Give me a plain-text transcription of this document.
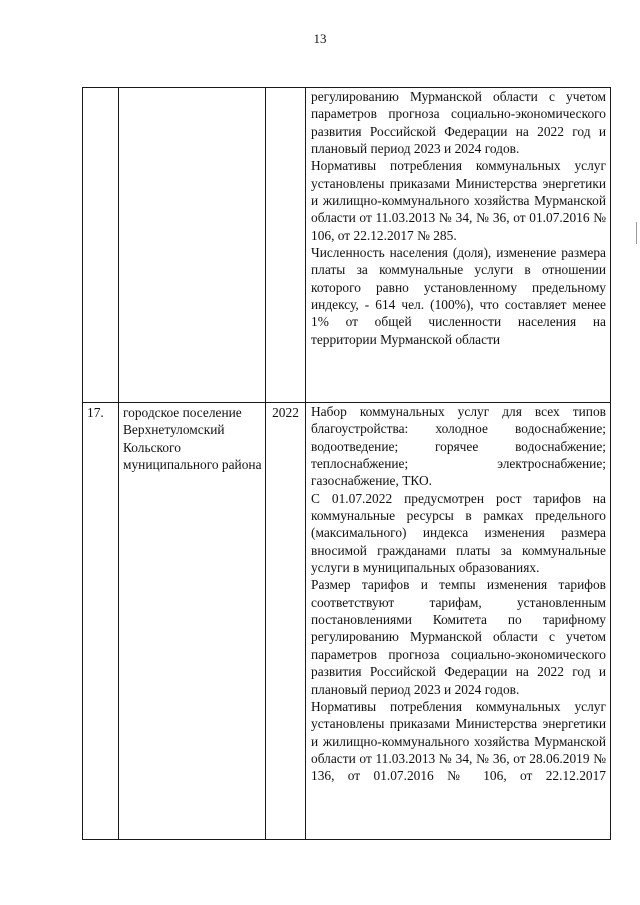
13

			регулированию Мурманской области с учетом параметров прогноза социально-экономического развития Российской Федерации на 2022 год и плановый период 2023 и 2024 годов.
Нормативы потребления коммунальных услуг установлены приказами Министерства энергетики и жилищно-коммунального хозяйства Мурманской области от 11.03.2013 № 34, № 36, от 01.07.2016 № 106, от 22.12.2017 № 285.
Численность населения (доля), изменение размера платы за коммунальные услуги в отношении которого равно установленному предельному индексу, - 614 чел. (100%), что составляет менее 1% от общей численности населения на территории Мурманской области

17.	городское поселение Верхнетуломский Кольского муниципального района	2022	Набор коммунальных услуг для всех типов благоустройства: холодное водоснабжение; водоотведение; горячее водоснабжение; теплоснабжение; электроснабжение; газоснабжение, ТКО.
С 01.07.2022 предусмотрен рост тарифов на коммунальные ресурсы в рамках предельного (максимального) индекса изменения размера вносимой гражданами платы за коммунальные услуги в муниципальных образованиях.
Размер тарифов и темпы изменения тарифов соответствуют тарифам, установленным постановлениями Комитета по тарифному регулированию Мурманской области с учетом параметров прогноза социально-экономического развития Российской Федерации на 2022 год и плановый период 2023 и 2024 годов.
Нормативы потребления коммунальных услуг установлены приказами Министерства энергетики и жилищно-коммунального хозяйства Мурманской области от 11.03.2013 № 34, № 36, от 28.06.2019 № 136, от 01.07.2016 № 106, от 22.12.2017
